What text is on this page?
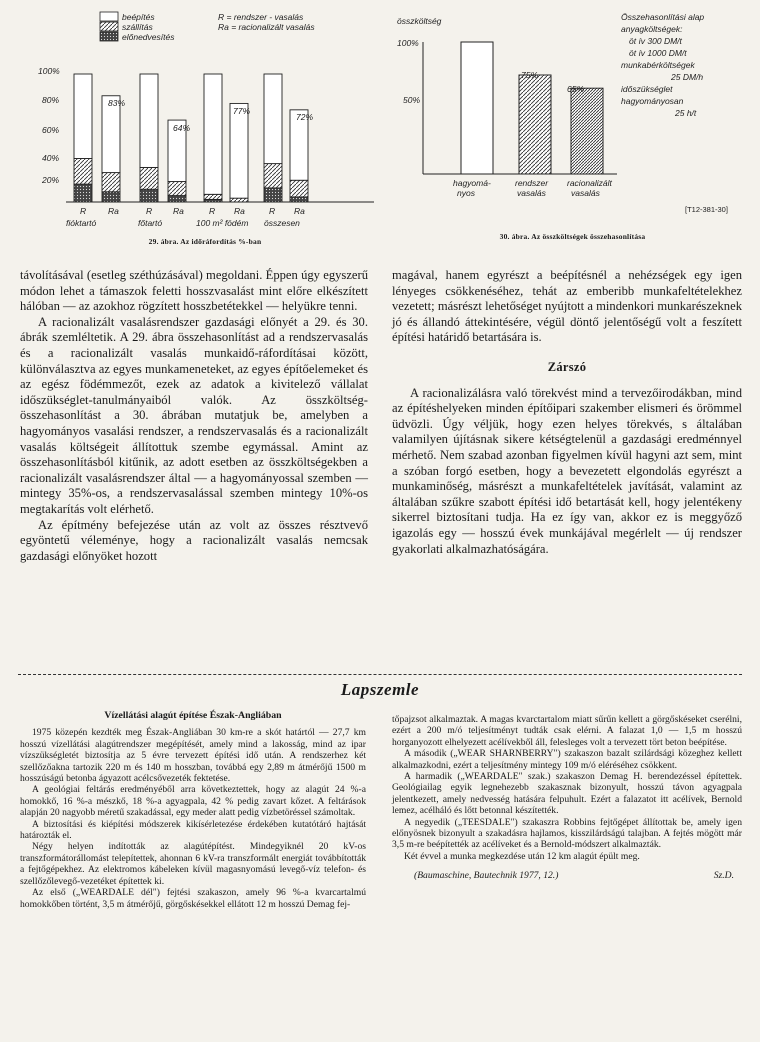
beépítés
szállítás
előnedvesítés
R = rendszer - vasalás
Ra = racionalizált vasalás
100%
80%
60%
40%
20%
83%
64%
77%
72%
R	Ra	R Ra	R Ra	R Ra
fióktartó	főtartó	100 m² födém összesen
29. ábra. Az időráfordítás %-ban
összköltség
100%
50%
75%
65%
hagyomá-
nyos
rendszer
vasalás
racionalizált
vasalás
Összehasonlítási alap
anyagköltségek:
öt ív 300 DM/t
öt ív 1000 DM/t
munkabérköltségek
25 DM/h
időszükséglet
hagyományosan
25 h/t
[Т12-381-30]
30. ábra. Az összköltségek összehasonlítása

távolításával (esetleg széthúzásával) megoldani. Éppen úgy egyszerű módon lehet a támaszok feletti hosszvasalást mint előre elkészített hálóban — az azokhoz rögzített hosszbetétekkel — helyükre tenni.

A racionalizált vasalásrendszer gazdasági előnyét a 29. és 30. ábrák szemléltetik. A 29. ábra összehasonlítást ad a rendszervasalás és a racionalizált vasalás munkaidő-ráfordításai között, különválasztva az egyes munkameneteket, az egyes építőelemeket és az egész födémmezőt, ezek az adatok a kivitelező vállalat időszükséglet-tanulmányaiból valók. Az összköltség-összehasonlítást a 30. ábrában mutatjuk be, amelyben a hagyományos vasalási rendszer, a rendszervasalás és a racionalizált vasalás költségeit állítottuk szembe egymással. Amint az összehasonlításból kitűnik, az adott esetben az összköltségekben a racionalizált vasalásrendszer által — a hagyományossal szemben — mintegy 35%-os, a rendszervasalással szemben mintegy 10%-os megtakarítás volt elérhető.

Az építmény befejezése után az volt az összes résztvevő egyöntetű véleménye, hogy a racionalizált vasalás nemcsak gazdasági előnyöket hozott

magával, hanem egyrészt a beépítésnél a nehézségek egy igen lényeges csökkenéséhez, tehát az emberibb munkafeltételekhez vezetett; másrészt lehetőséget nyújtott a mindenkori munkarészeknek jó és állandó áttekintésére, végül döntő jelentőségű volt a feszített építési határidő betartására is.

Zárszó

A racionalizálásra való törekvést mind a tervezőirodákban, mind az építéshelyeken minden építőipari szakember elismeri és örömmel üdvözli. Úgy véljük, hogy ezen helyes törekvés, s általában valamilyen újításnak sikere kétségtelenül a gazdasági eredménnyel mérhető. Nem szabad azonban figyelmen kívül hagyni azt sem, mint a szóban forgó esetben, hogy a bevezetett elgondolás egyrészt a munkaminőség, másrészt a munkafeltételek javítását, valamint az általában szűkre szabott építési idő betartását kell, hogy jelentékeny sikerrel biztosítani tudja. Ha ez így van, akkor ez is meggyőző igazolás egy — hosszú évek munkájával megérlelt — új rendszer gyakorlati alkalmazhatóságára.

Lapszemle
Vízellátási alagút építése Észak-Angliában

1975 közepén kezdték meg Észak-Angliában 30 km-re a skót határtól — 27,7 km hosszú vízellátási alagútrendszer megépítését, amely mind a lakosság, mind az ipar vízszükségletét biztosítja az 5 évre tervezett építési idő után. A rendszerhez két szellőzőakna tartozik 220 m és 140 m hosszban, továbbá egy 2,89 m átmérőjű 1500 m hosszúságú betonba ágyazott acélcsővezeték fektetése.

A geológiai feltárás eredményéből arra következtettek, hogy az alagút 24 %-a homokkő, 16 %-a mészkő, 18 %-a agyagpala, 42 % pedig zavart kőzet. A feltárások alapján 20 nagyobb méretű szakadással, egy meder alatt pedig vízbetöréssel számoltak.

A biztosítási és kiépítési módszerek kikísérletezése érdekében kutatótáró hajtását határozták el.

Négy helyen indították az alagútépítést. Mindegyiknél 20 kV-os transzformátorállomást telepítettek, ahonnan 6 kV-ra transzformált energiát továbbították a fejtőgépekhez. Az elektromos kábeleken kívül magasnyomású levegő-víz telefon- és szellőzőlevegő-vezetéket építettek ki.

Az első („WEARDALE dél") fejtési szakaszon, amely 96 %-a kvarcartalmú homokkőben történt, 3,5 m átmérőjű, görgőskésekkel ellátott 12 m hosszú Demag fej-

tőpajzsot alkalmaztak. A magas kvarctartalom miatt sűrűn kellett a görgőskéseket cserélni, ezért a 200 m/ó teljesítményt tudták csak elérni. A falazat 1,0 — 1,5 m hosszú horganyozott elhelyezett acélívekből áll, felesleges volt a tervezett tört beton beépítése.

A második („WEAR SHARNBERRY") szakaszon bazalt szilárdsági közeghez kellett alkalmazkodni, ezért a teljesítmény mintegy 109 m/ó eléréséhez csökkent.

A harmadik („WEARDALE" szak.) szakaszon Demag H. berendezéssel építettek. Geológiailag egyik legnehezebb szakasznak bizonyult, hosszú távon agyagpala jelentkezett, amely nedvesség hatására felpuhult. Ezért a falazatot itt acélívek, Bernold lemez, acélháló és lőtt betonnal készítették.

A negyedik („TEESDALE") szakaszra Robbins fejtőgépet állítottak be, amely igen előnyösnek bizonyult a szakadásra hajlamos, kisszilárdságú talajban. A fejtés mögött már 3,5 m-re beépítették az acélíveket és a Bernold-módszert alkalmazták.

Két évvel a munka megkezdése után 12 km alagút épült meg.

(Baumaschine, Bautechnik 1977, 12.)	Sz.D.
